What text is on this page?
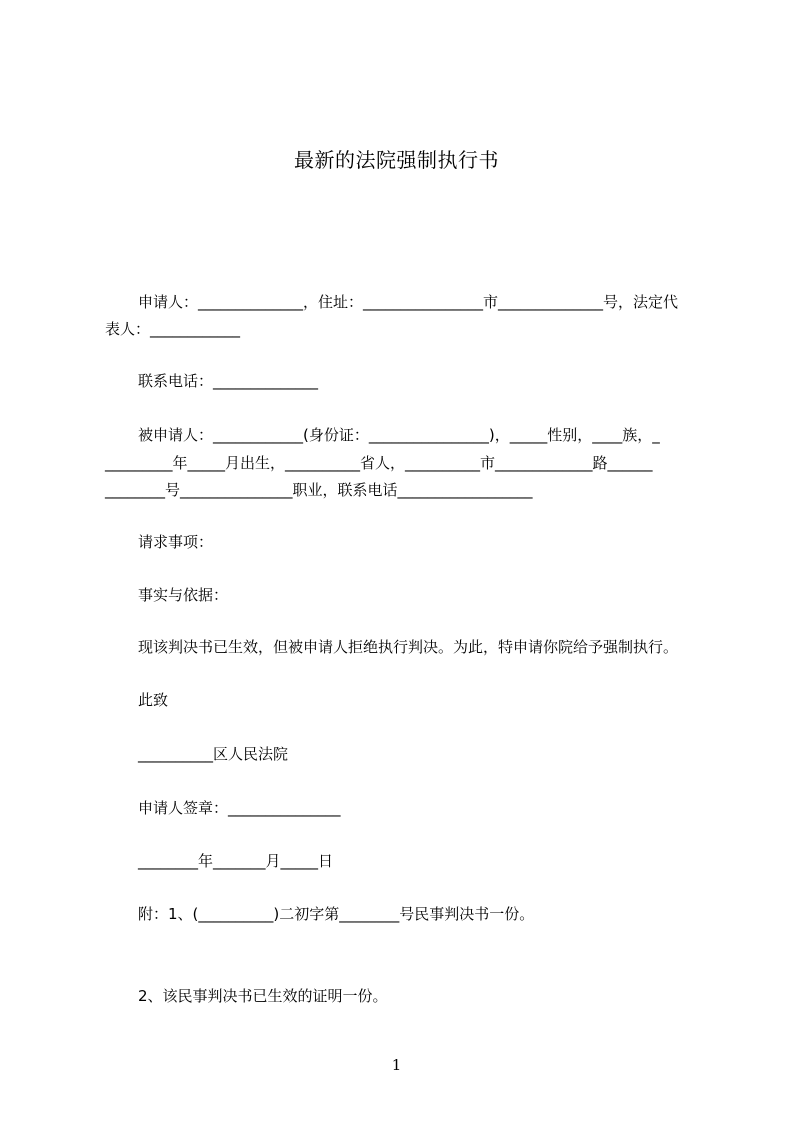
最新的法院强制执行书
申请人：______________，住址：________________市______________号，法定代
表人：____________
联系电话：______________
被申请人：____________(身份证：________________)，_____性别，____族，_
_________年_____月出生，__________省人，__________市_____________路______
________号_______________职业，联系电话__________________
请求事项：
事实与依据：
现该判决书已生效，但被申请人拒绝执行判决。为此，特申请你院给予强制执行。
此致
__________区人民法院
申请人签章：_______________
________年_______月_____日
附：1、(__________)二初字第________号民事判决书一份。
2、该民事判决书已生效的证明一份。
1
